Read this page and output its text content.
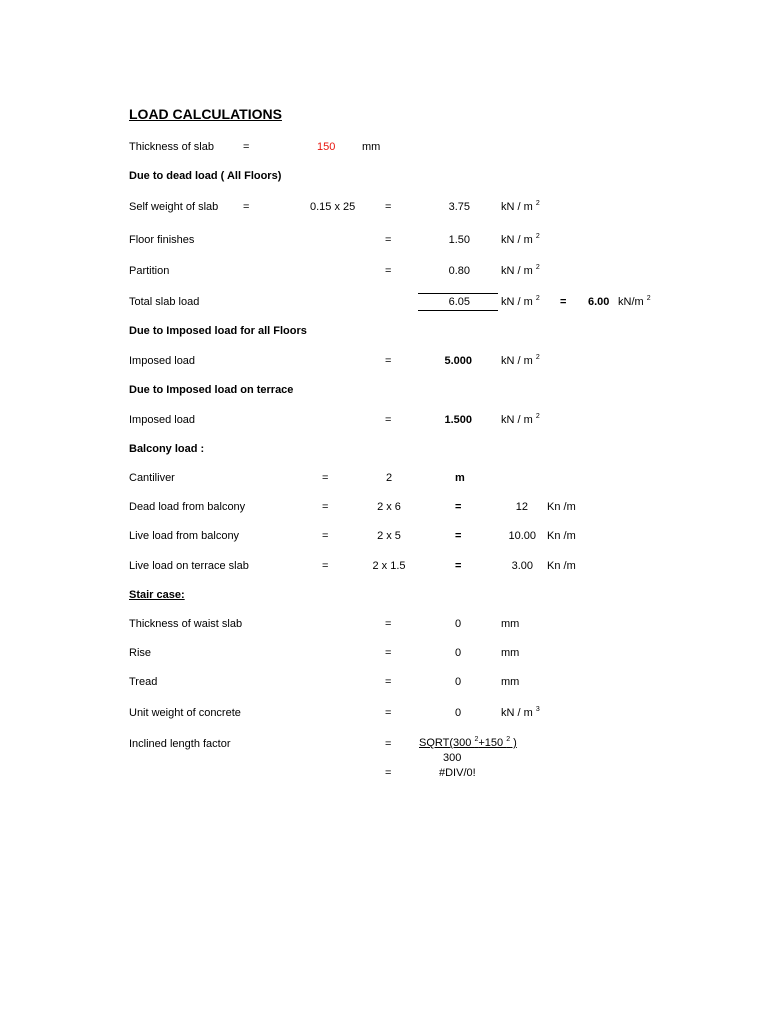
LOAD CALCULATIONS
Thickness of slab	=	150 mm
Due to dead load ( All Floors)
Self weight of slab =	0.15 x 25	=	3.75	kN / m $^2$
Floor finishes	=	1.50	kN / m $^2$
Partition	=	0.80	kN / m $^2$
Total slab load	6.05	kN / m $^2$ = 6.00 kN/m $^2$
Due to Imposed load for all Floors
Imposed load	=	5.000	kN / m $^2$
Due to Imposed load on terrace
Imposed load	=	1.500	kN / m $^2$
Balcony load :
Cantiliver	=	2	m
Dead load from balcony	=	2 x 6	=	12 Kn /m
Live load from balcony	=	2 x 5	=	10.00 Kn /m
Live load on terrace slab	=	2 x 1.5	=	3.00 Kn /m
Stair case:
Thickness of waist slab	=	0	mm
Rise	=	0	mm
Tread	=	0	mm
Unit weight of concrete	=	0	kN / m $^3$
Inclined length factor	=	SQRT(300 $^2$+150 $^2$ )
300
=	#DIV/0!
